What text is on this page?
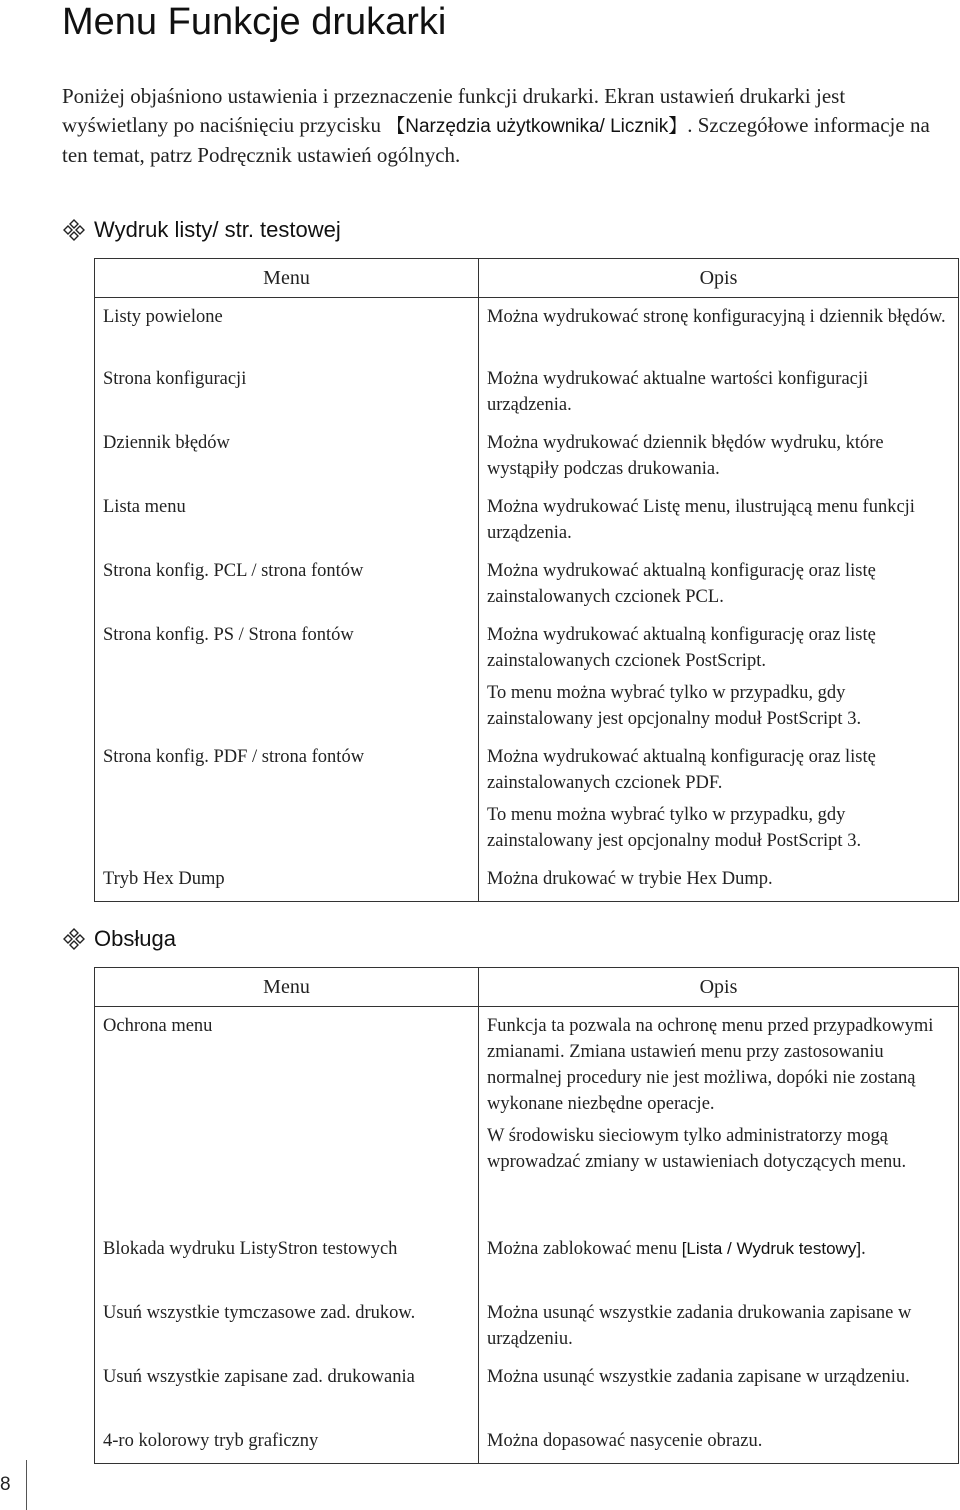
Menu Funkcje drukarki

Poniżej objaśniono ustawienia i przeznaczenie funkcji drukarki. Ekran ustawień drukarki jest wyświetlany po naciśnięciu przycisku 【Narzędzia użytkownika/ Licznik】. Szczegółowe informacje na ten temat, patrz Podręcznik ustawień ogólnych.

Wydruk listy/ str. testowej
Menu	Opis
Listy powielone	Można wydrukować stronę konfiguracyjną i dziennik błędów.

Strona konfiguracji	Można wydrukować aktualne wartości konfiguracji urządzenia.

Dziennik błędów	Można wydrukować dziennik błędów wydruku, które wystąpiły podczas drukowania.

Lista menu	Można wydrukować Listę menu, ilustrującą menu funkcji urządzenia.

Strona konfig. PCL / strona fontów	Można wydrukować aktualną konfigurację oraz listę zainstalowanych czcionek PCL.

Strona konfig. PS / Strona fontów	Można wydrukować aktualną konfigurację oraz listę zainstalowanych czcionek PostScript.

To menu można wybrać tylko w przypadku, gdy zainstalowany jest opcjonalny moduł PostScript 3.

Strona konfig. PDF / strona fontów	Można wydrukować aktualną konfigurację oraz listę zainstalowanych czcionek PDF.

To menu można wybrać tylko w przypadku, gdy zainstalowany jest opcjonalny moduł PostScript 3.

Tryb Hex Dump	Można drukować w trybie Hex Dump.

Obsługa
Menu	Opis
Ochrona menu	Funkcja ta pozwala na ochronę menu przed przypadkowymi zmianami. Zmiana ustawień menu przy zastosowaniu normalnej procedury nie jest możliwa, dopóki nie zostaną wykonane niezbędne operacje.

W środowisku sieciowym tylko administratorzy mogą wprowadzać zmiany w ustawieniach dotyczących menu.

Blokada wydruku ListyStron testowych	Można zablokować menu [Lista / Wydruk testowy].

Usuń wszystkie tymczasowe zad. drukow.	Można usunąć wszystkie zadania drukowania zapisane w urządzeniu.

Usuń wszystkie zapisane zad. drukowania	Można usunąć wszystkie zadania zapisane w urządzeniu.

4-ro kolorowy tryb graficzny	Można dopasować nasycenie obrazu.

8
